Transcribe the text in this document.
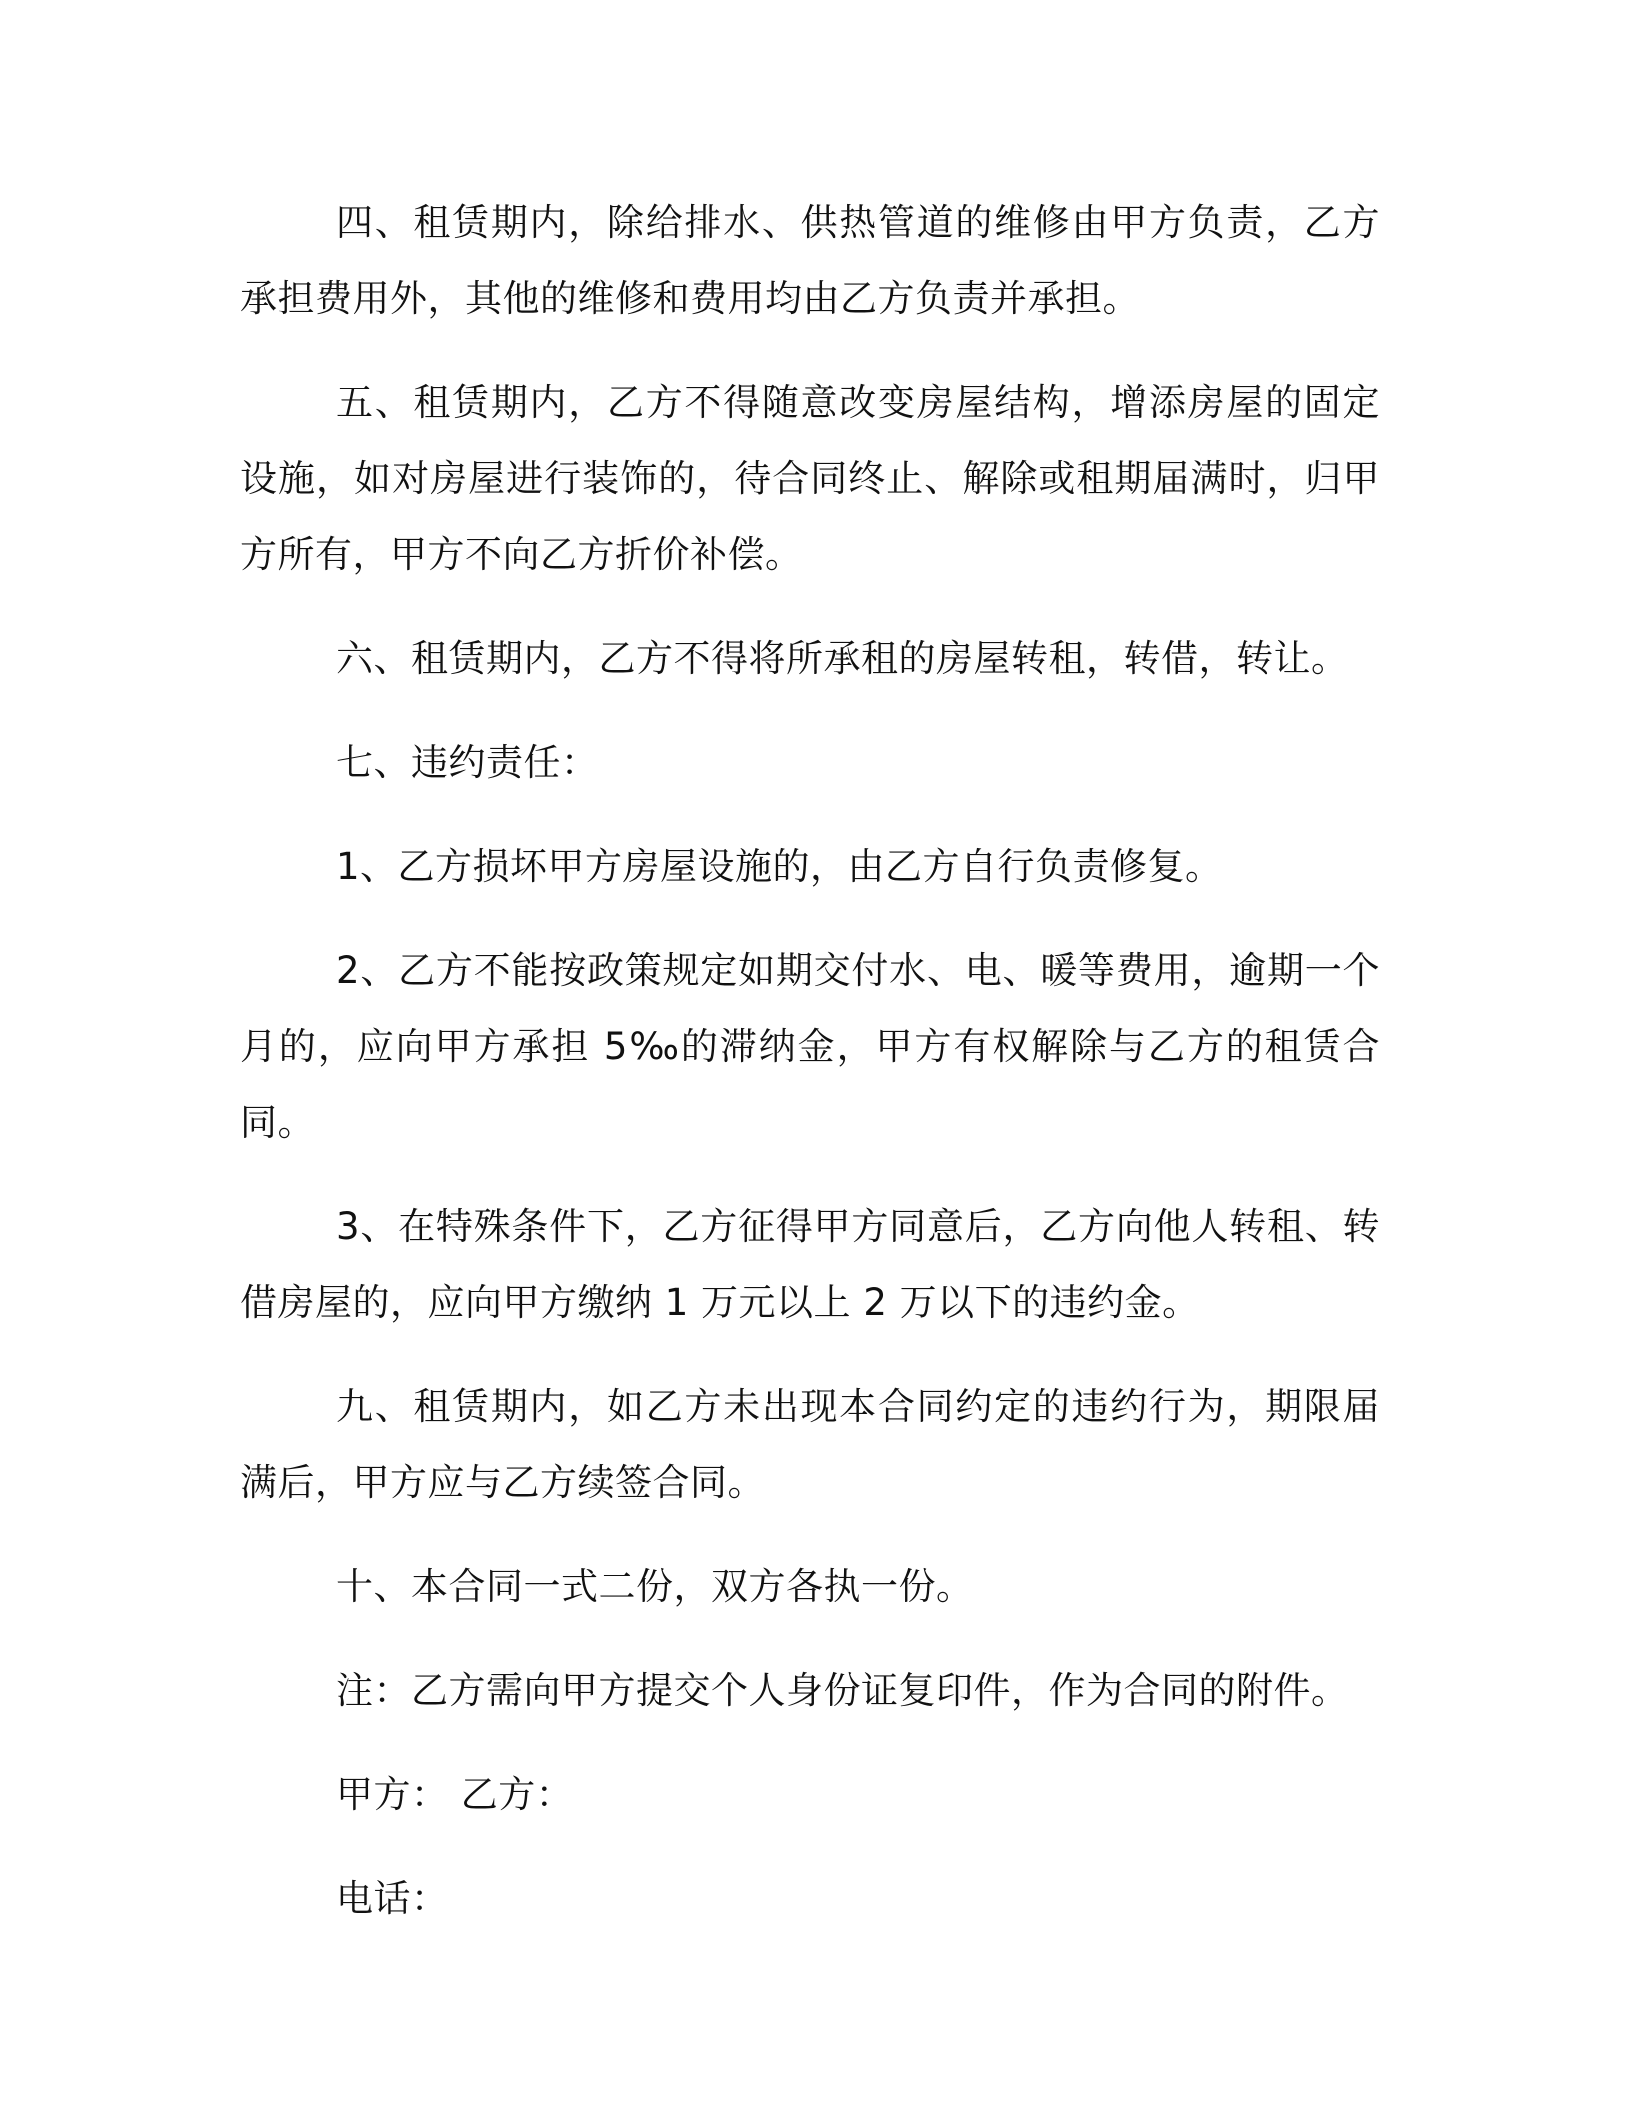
四、租赁期内，除给排水、供热管道的维修由甲方负责，乙方承担费用外，其他的维修和费用均由乙方负责并承担。

五、租赁期内，乙方不得随意改变房屋结构，增添房屋的固定设施，如对房屋进行装饰的，待合同终止、解除或租期届满时，归甲方所有，甲方不向乙方折价补偿。

六、租赁期内，乙方不得将所承租的房屋转租，转借，转让。

七、违约责任：

1、乙方损坏甲方房屋设施的，由乙方自行负责修复。

2、乙方不能按政策规定如期交付水、电、暖等费用，逾期一个月的，应向甲方承担 5‰的滞纳金，甲方有权解除与乙方的租赁合同。

3、在特殊条件下，乙方征得甲方同意后，乙方向他人转租、转借房屋的，应向甲方缴纳 1 万元以上 2 万以下的违约金。

九、租赁期内，如乙方未出现本合同约定的违约行为，期限届满后，甲方应与乙方续签合同。

十、本合同一式二份，双方各执一份。

注：乙方需向甲方提交个人身份证复印件，作为合同的附件。

甲方： 乙方：

电话：
